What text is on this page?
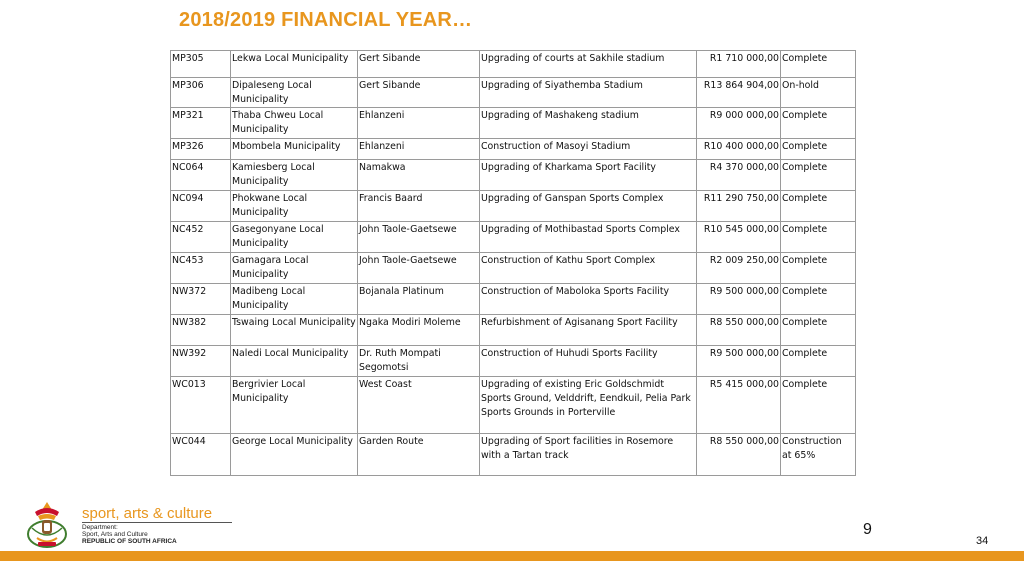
2018/2019 FINANCIAL YEAR…
MP305	Lekwa Local Municipality	Gert Sibande	Upgrading of courts at Sakhile stadium	R1 710 000,00	Complete
MP306	Dipaleseng Local Municipality	Gert Sibande	Upgrading of Siyathemba Stadium	R13 864 904,00	On-hold
MP321	Thaba Chweu Local Municipality	Ehlanzeni	Upgrading of Mashakeng stadium	R9 000 000,00	Complete
MP326	Mbombela Municipality	Ehlanzeni	Construction of Masoyi Stadium	R10 400 000,00	Complete
NC064	Kamiesberg Local Municipality	Namakwa	Upgrading of Kharkama Sport Facility	R4 370 000,00	Complete
NC094	Phokwane Local Municipality	Francis Baard	Upgrading of Ganspan Sports Complex	R11 290 750,00	Complete
NC452	Gasegonyane Local Municipality	John Taole-Gaetsewe	Upgrading of Mothibastad Sports Complex	R10 545 000,00	Complete
NC453	Gamagara Local Municipality	John Taole-Gaetsewe	Construction of Kathu Sport Complex	R2 009 250,00	Complete
NW372	Madibeng Local Municipality	Bojanala Platinum	Construction of Maboloka Sports Facility	R9 500 000,00	Complete
NW382	Tswaing Local Municipality	Ngaka Modiri Moleme	Refurbishment of Agisanang Sport Facility	R8 550 000,00	Complete
NW392	Naledi Local Municipality	Dr. Ruth Mompati Segomotsi	Construction of Huhudi Sports Facility	R9 500 000,00	Complete
WC013	Bergrivier Local Municipality	West Coast	Upgrading of existing Eric Goldschmidt Sports Ground, Velddrift, Eendkuil, Pelia Park Sports Grounds in Porterville	R5 415 000,00	Complete
WC044	George Local Municipality	Garden Route	Upgrading of Sport facilities in Rosemore with a Tartan track	R8 550 000,00	Construction at 65%
sport, arts & culture
Department:
Sport, Arts and Culture
REPUBLIC OF SOUTH AFRICA
9
34
